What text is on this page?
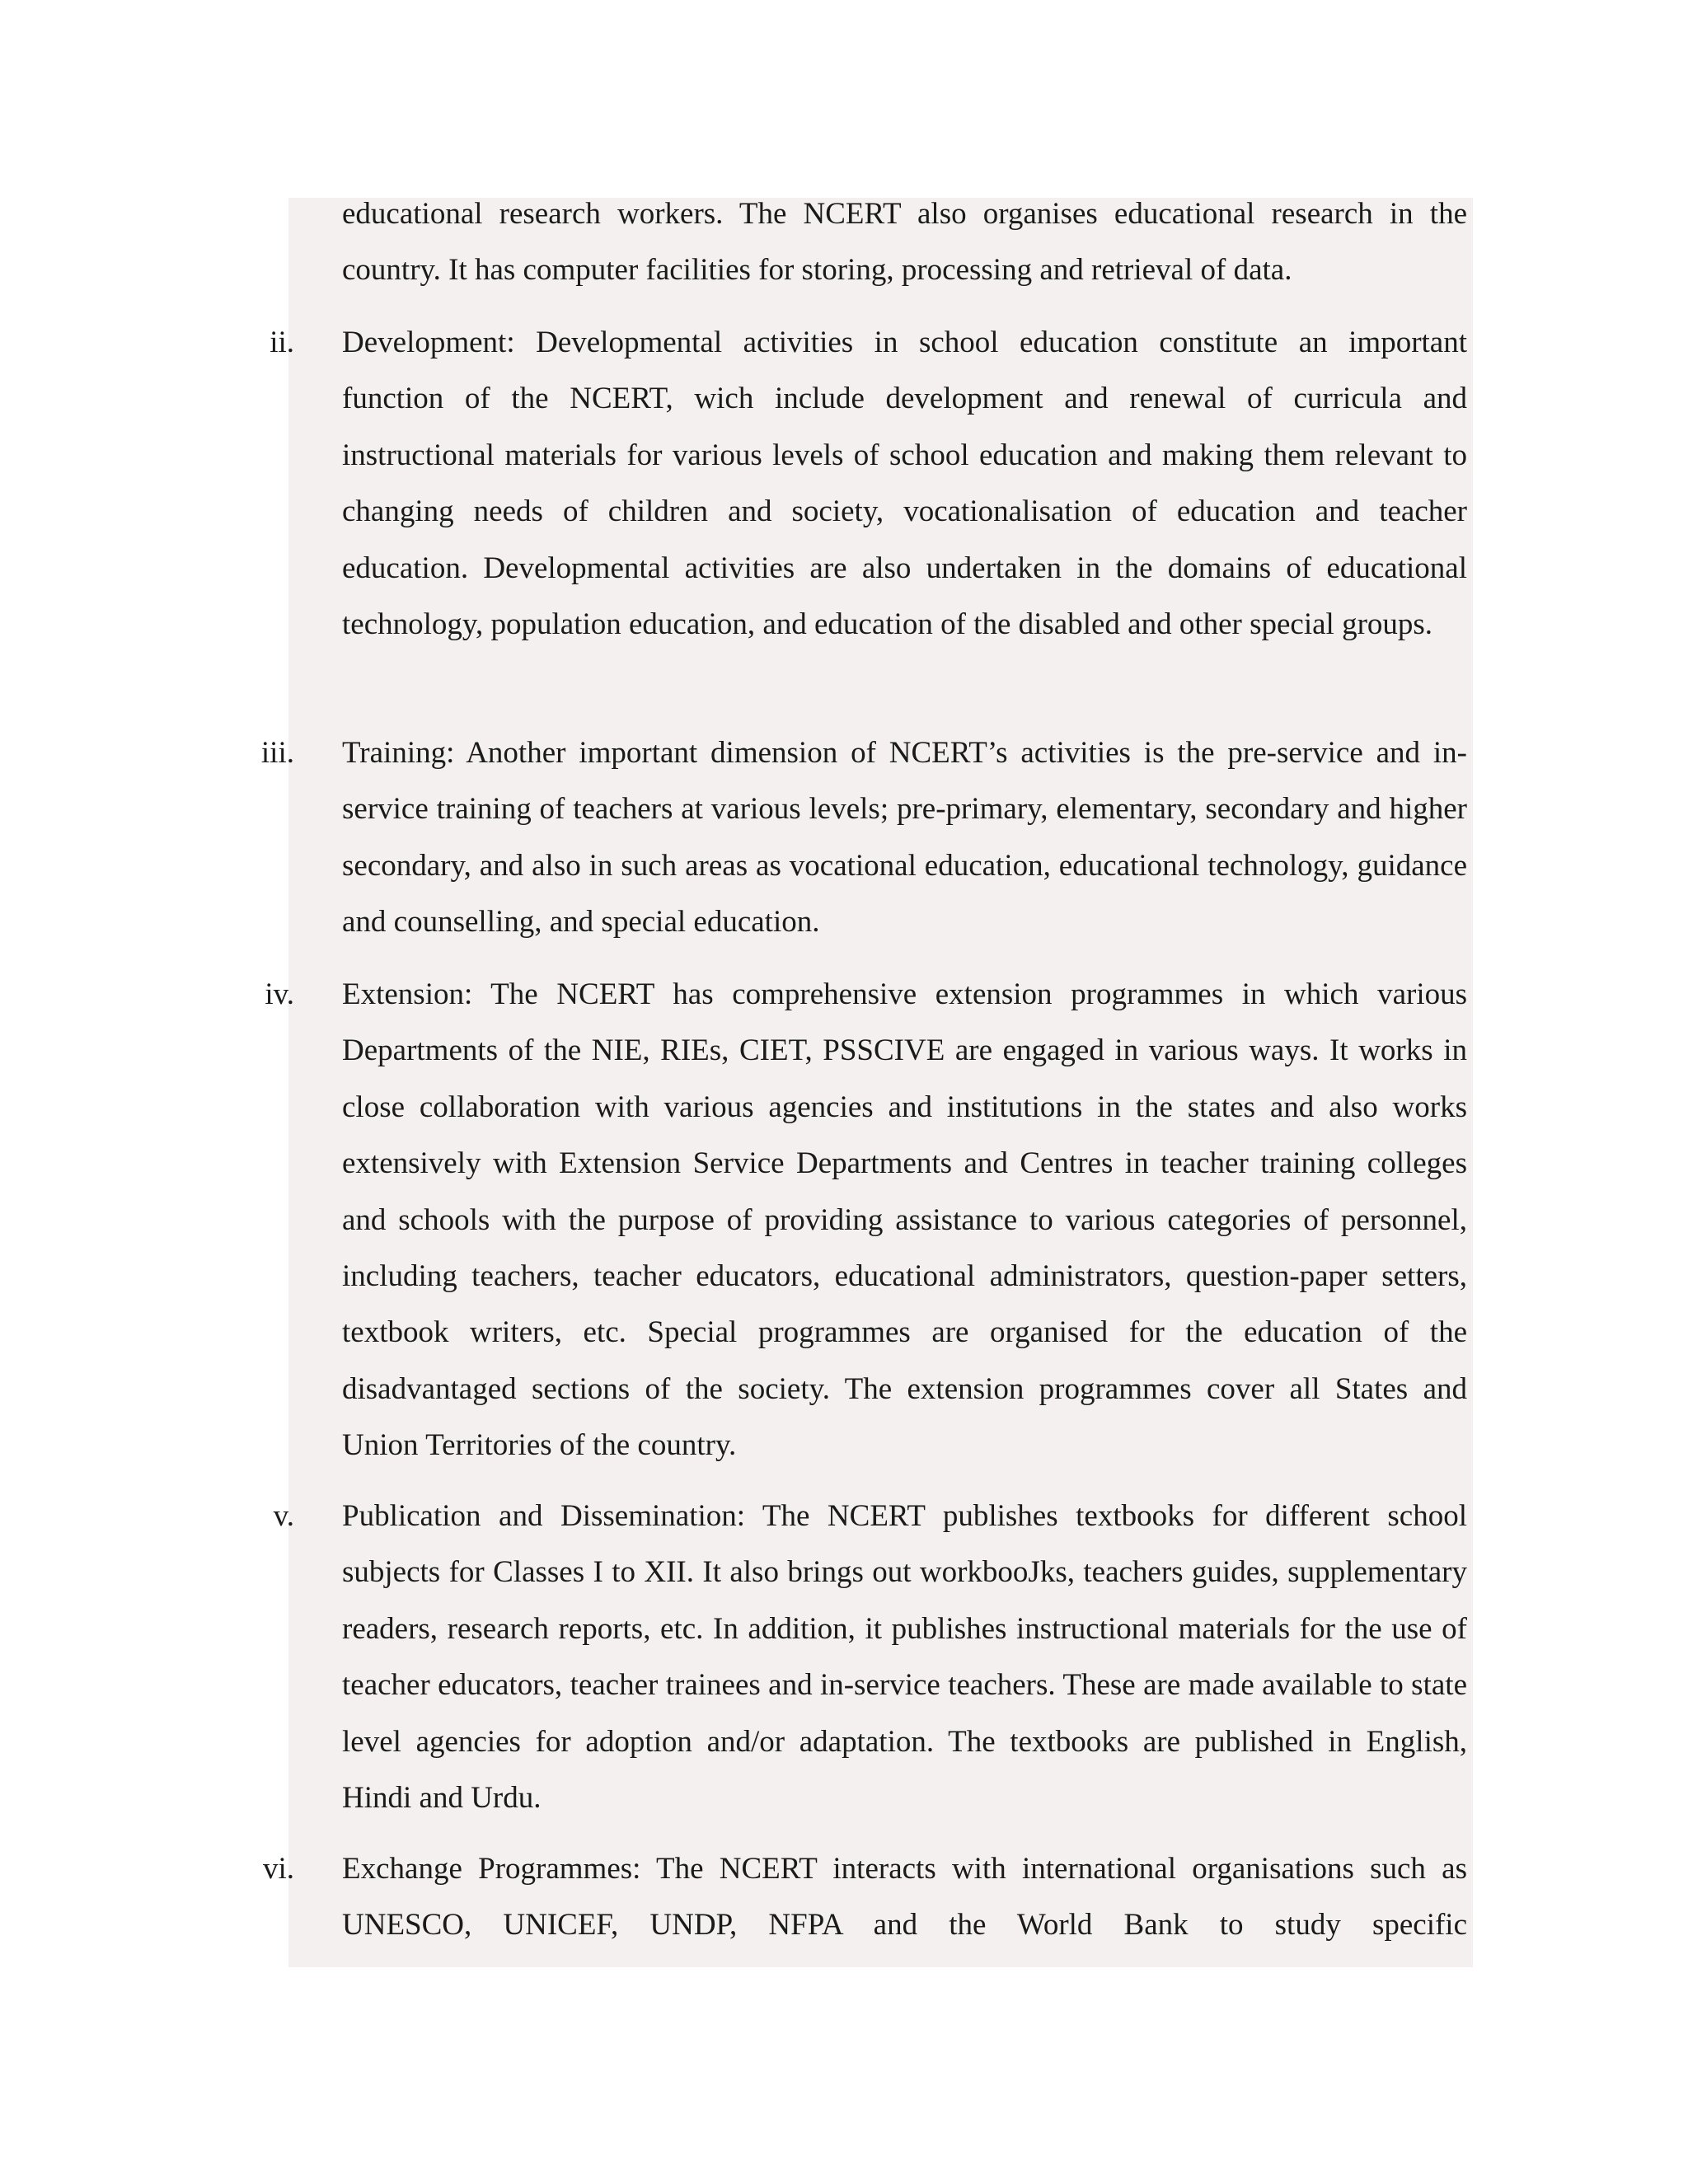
educational research workers. The NCERT also organises educational research in the country. It has computer facilities for storing, processing and retrieval of data.

ii. Development: Developmental activities in school education constitute an important function of the NCERT, wich include development and renewal of curricula and instructional materials for various levels of school education and making them relevant to changing needs of children and society, vocationalisation of education and teacher education. Developmental activities are also undertaken in the domains of educational technology, population education, and education of the disabled and other special groups.

iii. Training: Another important dimension of NCERT’s activities is the pre-service and in-service training of teachers at various levels; pre-primary, elementary, secondary and higher secondary, and also in such areas as vocational education, educational technology, guidance and counselling, and special education.

iv. Extension: The NCERT has comprehensive extension programmes in which various Departments of the NIE, RIEs, CIET, PSSCIVE are engaged in various ways. It works in close collaboration with various agencies and institutions in the states and also works extensively with Extension Service Departments and Centres in teacher training colleges and schools with the purpose of providing assistance to various categories of personnel, including teachers, teacher educators, educational administrators, question-paper setters, textbook writers, etc. Special programmes are organised for the education of the disadvantaged sections of the society. The extension programmes cover all States and Union Territories of the country.

v. Publication and Dissemination: The NCERT publishes textbooks for different school subjects for Classes I to XII. It also brings out workbooJks, teachers guides, supplementary readers, research reports, etc. In addition, it publishes instructional materials for the use of teacher educators, teacher trainees and in-service teachers. These are made available to state level agencies for adoption and/or adaptation. The textbooks are published in English, Hindi and Urdu.

vi. Exchange Programmes: The NCERT interacts with international organisations such as UNESCO, UNICEF, UNDP, NFPA and the World Bank to study specific
